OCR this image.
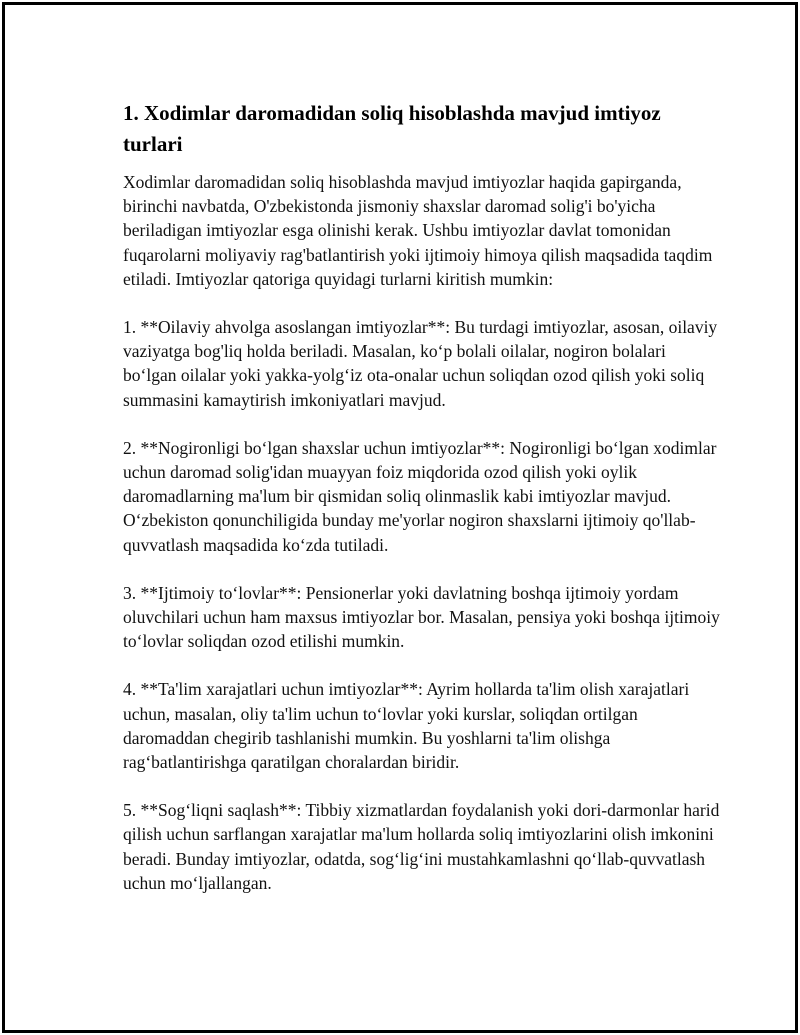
1. Xodimlar daromadidan soliq hisoblashda mavjud imtiyoz turlari

Xodimlar daromadidan soliq hisoblashda mavjud imtiyozlar haqida gapirganda, birinchi navbatda, O'zbekistonda jismoniy shaxslar daromad solig'i bo'yicha beriladigan imtiyozlar esga olinishi kerak. Ushbu imtiyozlar davlat tomonidan fuqarolarni moliyaviy rag'batlantirish yoki ijtimoiy himoya qilish maqsadida taqdim etiladi. Imtiyozlar qatoriga quyidagi turlarni kiritish mumkin:

1. **Oilaviy ahvolga asoslangan imtiyozlar**: Bu turdagi imtiyozlar, asosan, oilaviy vaziyatga bog'liq holda beriladi. Masalan, ko‘p bolali oilalar, nogiron bolalari bo‘lgan oilalar yoki yakka-yolg‘iz ota-onalar uchun soliqdan ozod qilish yoki soliq summasini kamaytirish imkoniyatlari mavjud.

2. **Nogironligi bo‘lgan shaxslar uchun imtiyozlar**: Nogironligi bo‘lgan xodimlar uchun daromad solig'idan muayyan foiz miqdorida ozod qilish yoki oylik daromadlarning ma'lum bir qismidan soliq olinmaslik kabi imtiyozlar mavjud. O‘zbekiston qonunchiligida bunday me'yorlar nogiron shaxslarni ijtimoiy qo'llab-quvvatlash maqsadida ko‘zda tutiladi.

3. **Ijtimoiy to‘lovlar**: Pensionerlar yoki davlatning boshqa ijtimoiy yordam oluvchilari uchun ham maxsus imtiyozlar bor. Masalan, pensiya yoki boshqa ijtimoiy to‘lovlar soliqdan ozod etilishi mumkin.

4. **Ta'lim xarajatlari uchun imtiyozlar**: Ayrim hollarda ta'lim olish xarajatlari uchun, masalan, oliy ta'lim uchun to‘lovlar yoki kurslar, soliqdan ortilgan daromaddan chegirib tashlanishi mumkin. Bu yoshlarni ta'lim olishga rag‘batlantirishga qaratilgan choralardan biridir.

5. **Sog‘liqni saqlash**: Tibbiy xizmatlardan foydalanish yoki dori-darmonlar harid qilish uchun sarflangan xarajatlar ma'lum hollarda soliq imtiyozlarini olish imkonini beradi. Bunday imtiyozlar, odatda, sog‘lig‘ini mustahkamlashni qo‘llab-quvvatlash uchun mo‘ljallangan.
